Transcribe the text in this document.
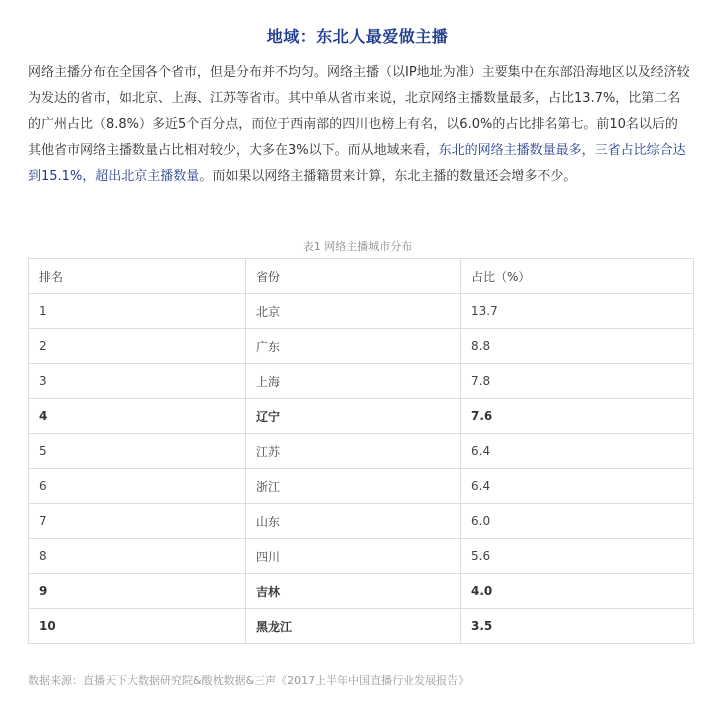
地域：东北人最爱做主播

网络主播分布在全国各个省市，但是分布并不均匀。网络主播（以IP地址为准）主要集中在东部沿海地区以及经济较为发达的省市，如北京、上海、江苏等省市。其中单从省市来说，北京网络主播数量最多，占比13.7%，比第二名的广州占比（8.8%）多近5个百分点，而位于西南部的四川也榜上有名，以6.0%的占比排名第七。前10名以后的其他省市网络主播数量占比相对较少，大多在3%以下。而从地域来看，东北的网络主播数量最多，三省占比综合达到15.1%，超出北京主播数量。而如果以网络主播籍贯来计算，东北主播的数量还会增多不少。

表1 网络主播城市分布
排名	省份	占比（%）
1	北京	13.7
2	广东	8.8
3	上海	7.8
4	辽宁	7.6
5	江苏	6.4
6	浙江	6.4
7	山东	6.0
8	四川	5.6
9	吉林	4.0
10	黑龙江	3.5
数据来源：直播天下大数据研究院&酸枕数据&三声《2017上半年中国直播行业发展报告》
